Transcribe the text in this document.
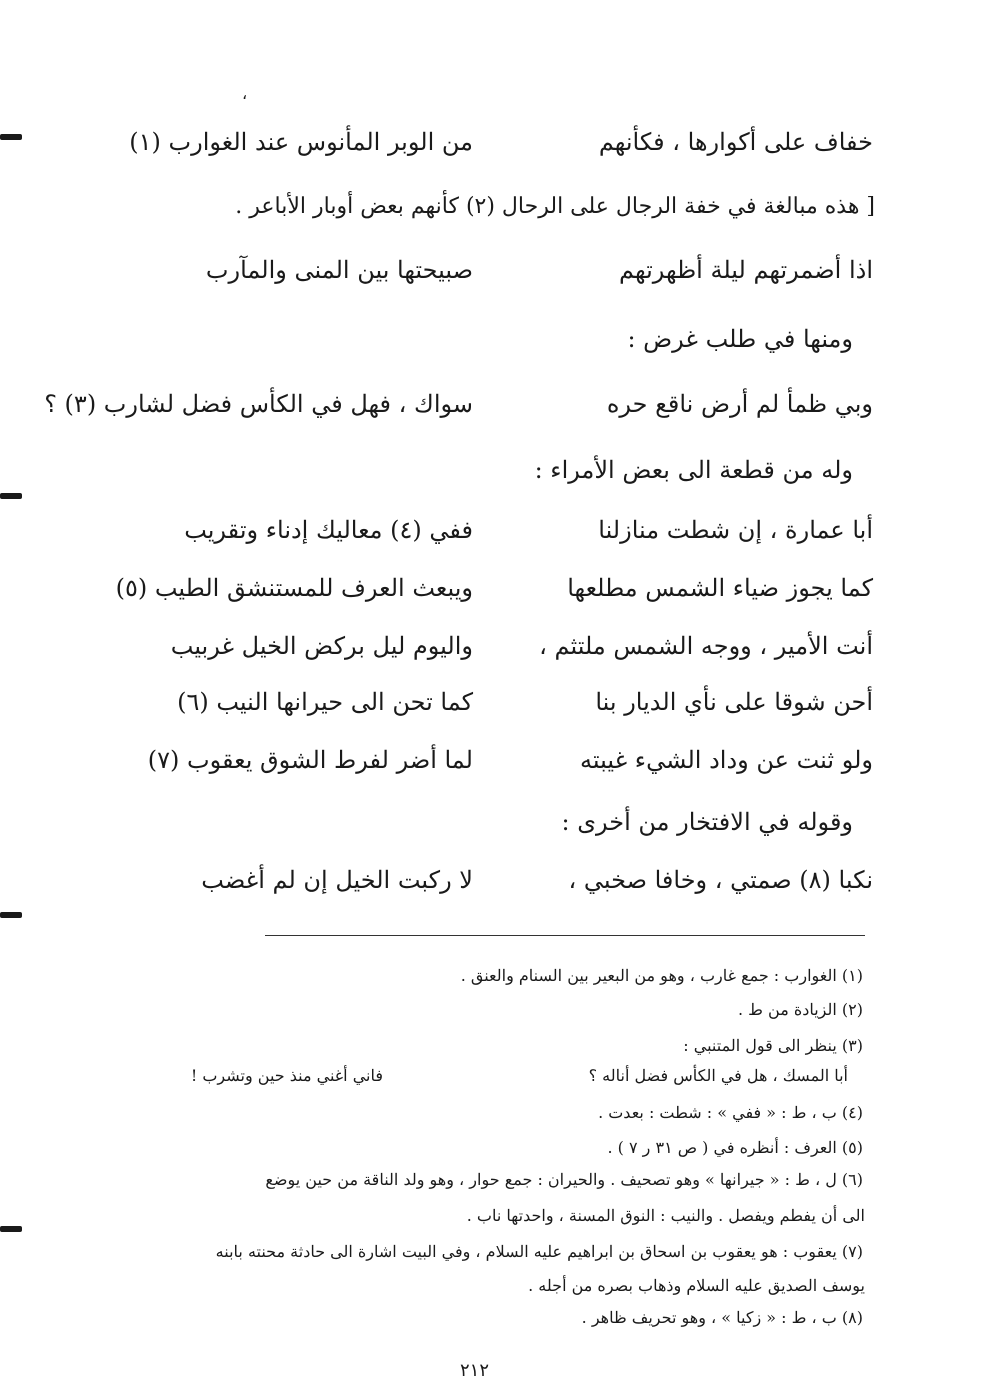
،
خفاف على أكوارها ، فكأنهم
من الوبر المأنوس عند الغوارب (١)
[ هذه مبالغة في خفة الرجال على الرحال (٢) كأنهم بعض أوبار الأباعر .
اذا أضمرتهم ليلة أظهرتهم
صبيحتها بين المنى والمآرب
ومنها في طلب غرض :
وبي ظمأ لم أرض ناقع حره
سواك ، فهل في الكأس فضل لشارب (٣) ؟
وله من قطعة الى بعض الأمراء :
أبا عمارة ، إن شطت منازلنا
ففي (٤) معاليك إدناء وتقريب
كما يجوز ضياء الشمس مطلعها
ويبعث العرف للمستنشق الطيب (٥)
أنت الأمير ، ووجه الشمس ملتثم ،
واليوم ليل بركض الخيل غربيب
أحن شوقا على نأي الديار بنا
كما تحن الى حيرانها النيب (٦)
ولو ثنت عن وداد الشيء غيبته
لما أضر لفرط الشوق يعقوب (٧)
وقوله في الافتخار من أخرى :
نكبا (٨) صمتي ، وخافا صخبي ،
لا ركبت الخيل إن لم أغضب
(١) الغوارب : جمع غارب ، وهو من البعير بين السنام والعنق .
(٢) الزيادة من ط .
(٣) ينظر الى قول المتنبي :
أبا المسك ، هل في الكأس فضل أناله ؟
فاني أغني منذ حين وتشرب !
(٤) ب ، ط : « ففي » : شطت : بعدت .
(٥) العرف : أنظره في ( ص ٣١ ر ٧ ) .
(٦) ل ، ط : « جيرانها » وهو تصحيف . والحيران : جمع حوار ، وهو ولد الناقة من حين يوضع
الى أن يفطم ويفصل . والنيب : النوق المسنة ، واحدتها ناب .
(٧) يعقوب : هو يعقوب بن اسحاق بن ابراهيم عليه السلام ، وفي البيت اشارة الى حادثة محنته بابنه
يوسف الصديق عليه السلام وذهاب بصره من أجله .
(٨) ب ، ط : « زكيا » ، وهو تحريف ظاهر .
٢١٢
